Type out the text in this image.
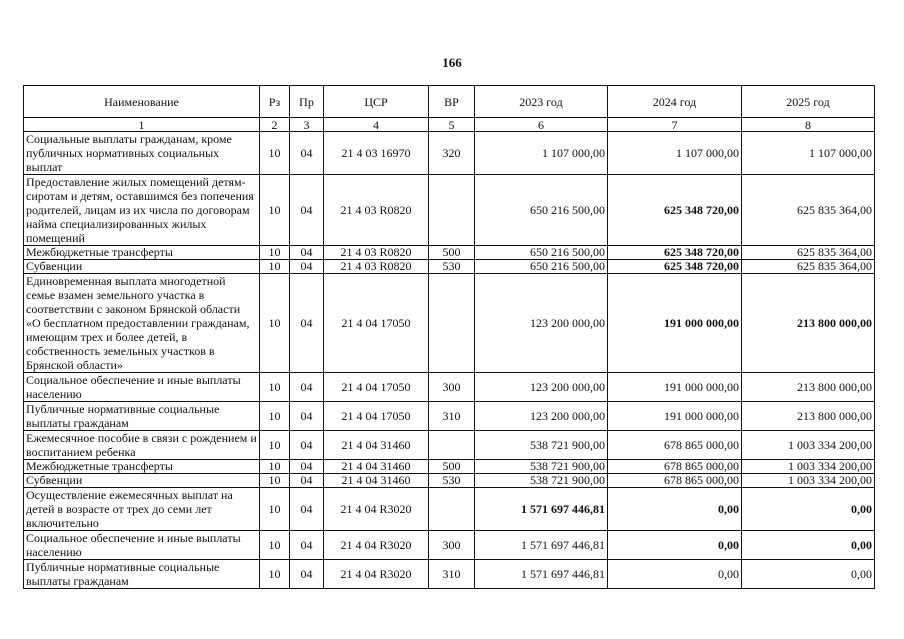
166
Наименование	Рз	Пр	ЦСР	ВР	2023 год	2024 год	2025 год
1	2	3	4	5	6	7	8
Социальные выплаты гражданам, кроме публичных нормативных социальных выплат	10	04	21 4 03 16970	320	1 107 000,00	1 107 000,00	1 107 000,00
Предоставление жилых помещений детям-сиротам и детям, оставшимся без попечения родителей, лицам из их числа по договорам найма специализированных жилых помещений	10	04	21 4 03 R0820		650 216 500,00	625 348 720,00	625 835 364,00
Межбюджетные трансферты	10	04	21 4 03 R0820	500	650 216 500,00	625 348 720,00	625 835 364,00
Субвенции	10	04	21 4 03 R0820	530	650 216 500,00	625 348 720,00	625 835 364,00
Единовременная выплата многодетной семье взамен земельного участка в соответствии с законом Брянской области «О бесплатном предоставлении гражданам, имеющим трех и более детей, в собственность земельных участков в Брянской области»	10	04	21 4 04 17050		123 200 000,00	191 000 000,00	213 800 000,00
Социальное обеспечение и иные выплаты населению	10	04	21 4 04 17050	300	123 200 000,00	191 000 000,00	213 800 000,00
Публичные нормативные социальные выплаты гражданам	10	04	21 4 04 17050	310	123 200 000,00	191 000 000,00	213 800 000,00
Ежемесячное пособие в связи с рождением и воспитанием ребенка	10	04	21 4 04 31460		538 721 900,00	678 865 000,00	1 003 334 200,00
Межбюджетные трансферты	10	04	21 4 04 31460	500	538 721 900,00	678 865 000,00	1 003 334 200,00
Субвенции	10	04	21 4 04 31460	530	538 721 900,00	678 865 000,00	1 003 334 200,00
Осуществление ежемесячных выплат на детей в возрасте от трех до семи лет включительно	10	04	21 4 04 R3020		1 571 697 446,81	0,00	0,00
Социальное обеспечение и иные выплаты населению	10	04	21 4 04 R3020	300	1 571 697 446,81	0,00	0,00
Публичные нормативные социальные выплаты гражданам	10	04	21 4 04 R3020	310	1 571 697 446,81	0,00	0,00
